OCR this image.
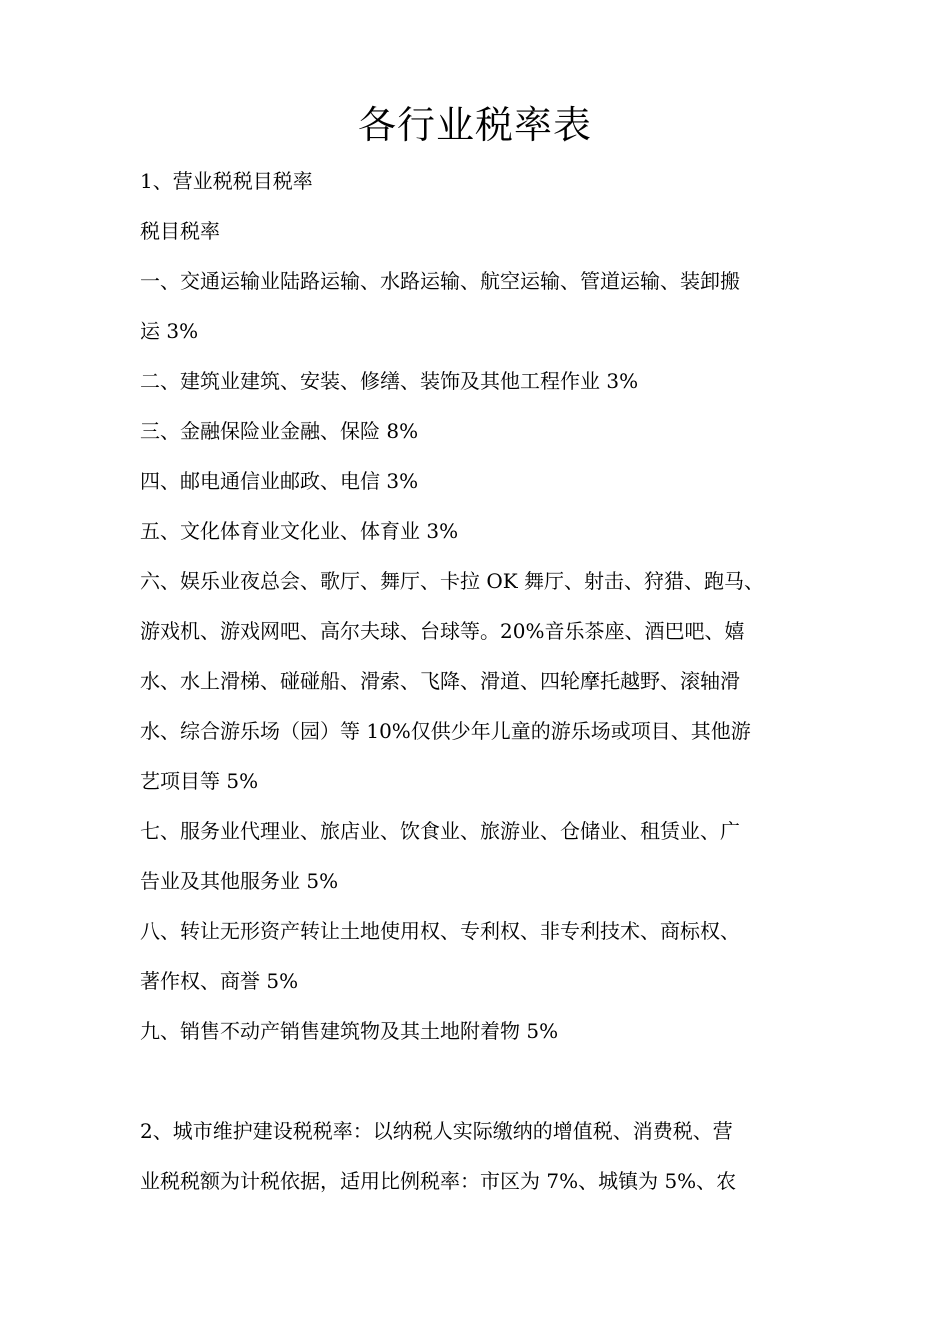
各行业税率表

1、营业税税目税率

税目税率

一、交通运输业陆路运输、水路运输、航空运输、管道运输、装卸搬

运 3%

二、建筑业建筑、安装、修缮、装饰及其他工程作业 3%

三、金融保险业金融、保险 8%

四、邮电通信业邮政、电信 3%

五、文化体育业文化业、体育业 3%

六、娱乐业夜总会、歌厅、舞厅、卡拉 OK 舞厅、射击、狩猎、跑马、

游戏机、游戏网吧、高尔夫球、台球等。20%音乐茶座、酒巴吧、嬉

水、水上滑梯、碰碰船、滑索、飞降、滑道、四轮摩托越野、滚轴滑

水、综合游乐场（园）等 10%仅供少年儿童的游乐场或项目、其他游

艺项目等 5%

七、服务业代理业、旅店业、饮食业、旅游业、仓储业、租赁业、广

告业及其他服务业 5%

八、转让无形资产转让土地使用权、专利权、非专利技术、商标权、

著作权、商誉 5%

九、销售不动产销售建筑物及其土地附着物 5%

2、城市维护建设税税率：以纳税人实际缴纳的增值税、消费税、营

业税税额为计税依据，适用比例税率：市区为 7%、城镇为 5%、农
